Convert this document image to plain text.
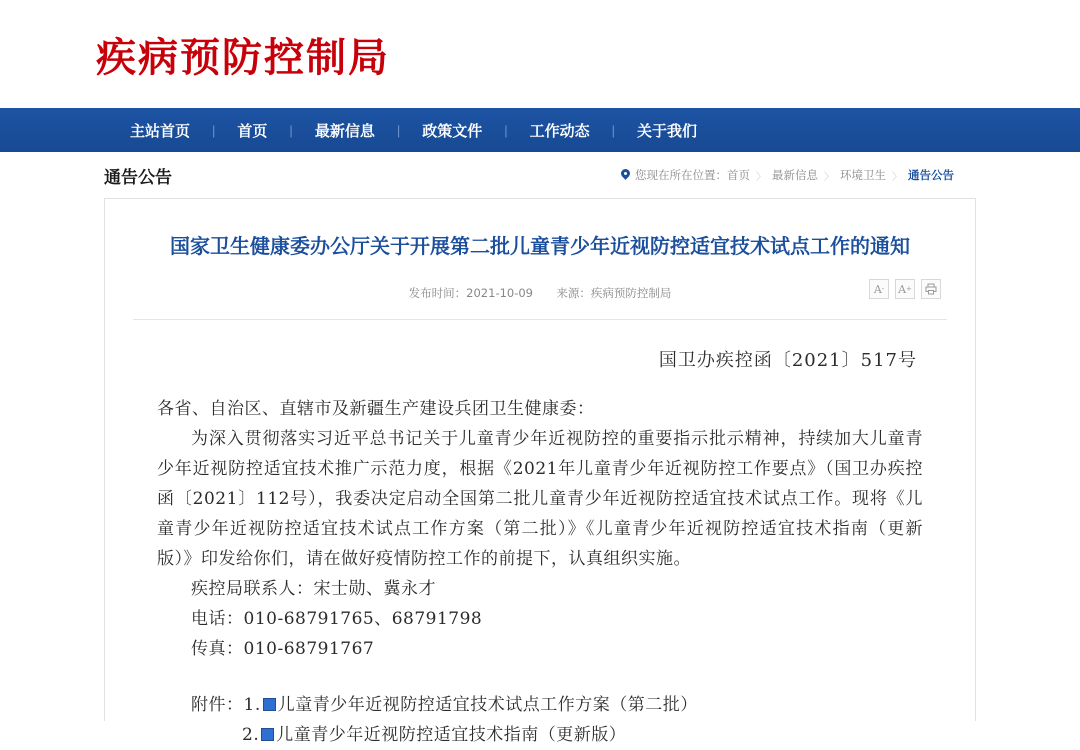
疾病预防控制局
主站首页	|	首页	|	最新信息	|	政策文件	|	工作动态	|	关于我们
通告公告	您现在所在位置： 首页 〉 最新信息 〉 环境卫生 〉 通告公告
国家卫生健康委办公厅关于开展第二批儿童青少年近视防控适宜技术试点工作的通知
发布时间：2021-10-09 来源：疾病预防控制局	A - A +
国卫办疾控函〔2021〕517号

各省、自治区、直辖市及新疆生产建设兵团卫生健康委：

为深入贯彻落实习近平总书记关于儿童青少年近视防控的重要指示批示精神，持续加大儿童青少年近视防控适宜技术推广示范力度，根据《2021年儿童青少年近视防控工作要点》（国卫办疾控函〔2021〕112号），我委决定启动全国第二批儿童青少年近视防控适宜技术试点工作。现将《儿童青少年近视防控适宜技术试点工作方案（第二批）》《儿童青少年近视防控适宜技术指南（更新版）》印发给你们，请在做好疫情防控工作的前提下，认真组织实施。

疾控局联系人：宋士勋、冀永才

电话：010-68791765、68791798

传真：010-68791767

附件：1. W 儿童青少年近视防控适宜技术试点工作方案（第二批）

2. W 儿童青少年近视防控适宜技术指南（更新版）
